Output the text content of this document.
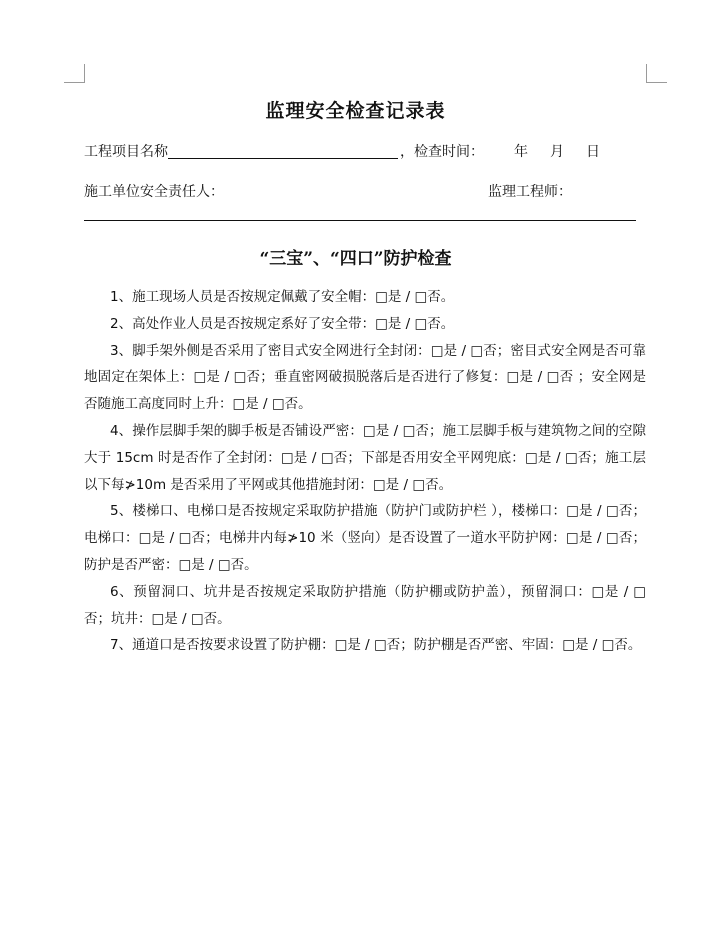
监理安全检查记录表
工程项目名称	，检查时间： 年 月 日
施工单位安全责任人：	监理工程师：
“三宝”、“四口”防护检查

1、施工现场人员是否按规定佩戴了安全帽：□是 / □否。

2、高处作业人员是否按规定系好了安全带：□是 / □否。

3、脚手架外侧是否采用了密目式安全网进行全封闭：□是 / □否；密目式安全网是否可靠地固定在架体上：□是 / □否；垂直密网破损脱落后是否进行了修复：□是 / □否 ；安全网是否随施工高度同时上升：□是 / □否。

4、操作层脚手架的脚手板是否铺设严密：□是 / □否；施工层脚手板与建筑物之间的空隙大于 15cm 时是否作了全封闭：□是 / □否；下部是否用安全平网兜底：□是 / □否；施工层以下每≯10m 是否采用了平网或其他措施封闭：□是 / □否。

5、楼梯口、电梯口是否按规定采取防护措施（防护门或防护栏 ），楼梯口：□是 / □否；电梯口：□是 / □否；电梯井内每≯10 米（竖向）是否设置了一道水平防护网：□是 / □否；防护是否严密：□是 / □否。

6、预留洞口、坑井是否按规定采取防护措施（防护棚或防护盖），预留洞口：□是 / □否；坑井：□是 / □否。

7、通道口是否按要求设置了防护棚：□是 / □否；防护棚是否严密、牢固：□是 / □否。
